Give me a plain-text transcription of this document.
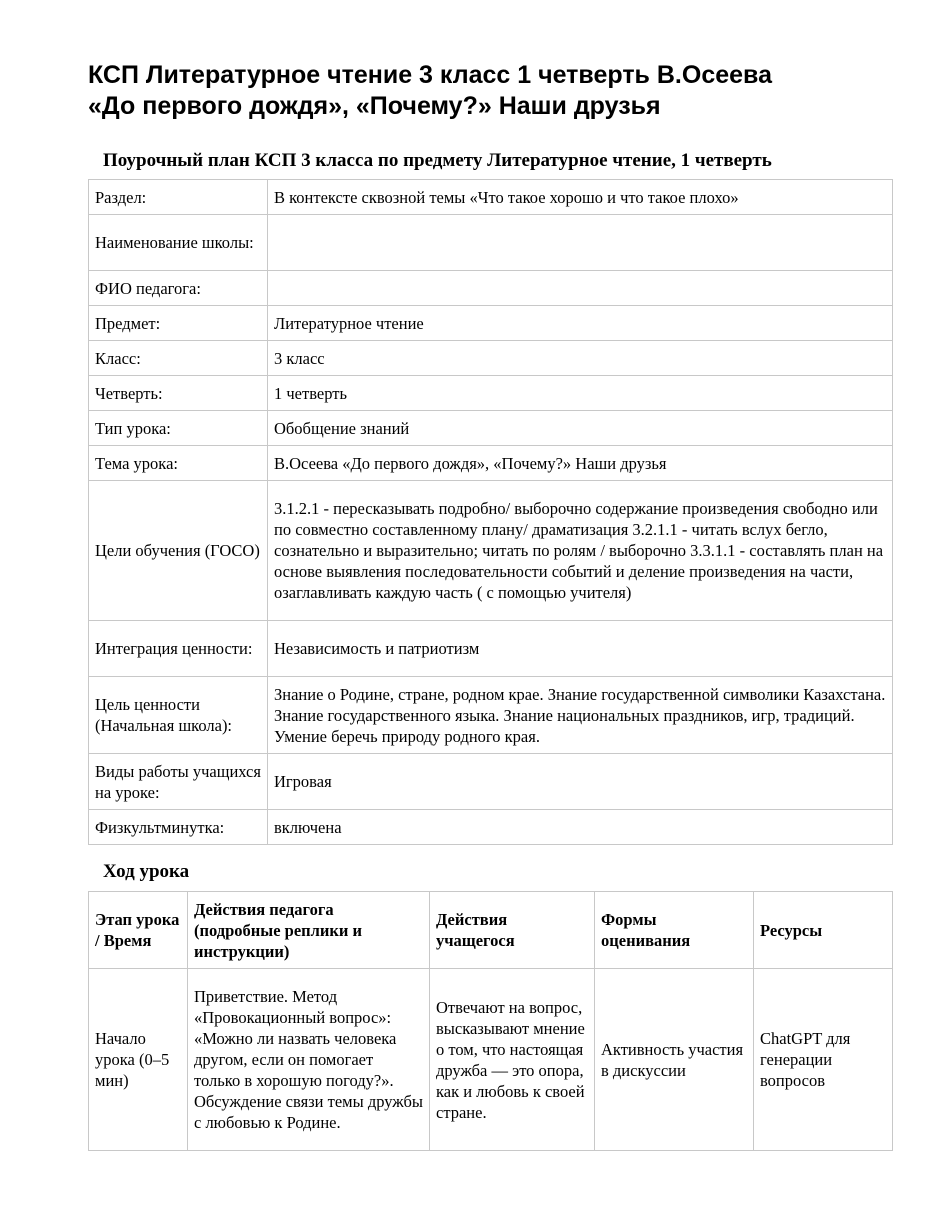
КСП Литературное чтение 3 класс 1 четверть В.Осеева
«До первого дождя», «Почему?» Наши друзья
Поурочный план КСП 3 класса по предмету Литературное чтение, 1 четверть
Раздел:	В контексте сквозной темы «Что такое хорошо и что такое плохо»
Наименование школы:	
ФИО педагога:	
Предмет:	Литературное чтение
Класс:	3 класс
Четверть:	1 четверть
Тип урока:	Обобщение знаний
Тема урока:	В.Осеева «До первого дождя», «Почему?» Наши друзья
Цели обучения (ГОСО)	3.1.2.1 - пересказывать подробно/ выборочно содержание произведения свободно или по совместно составленному плану/ драматизация 3.2.1.1 - читать вслух бегло, сознательно и выразительно; читать по ролям / выборочно 3.3.1.1 - составлять план на основе выявления последовательности событий и деление произведения на части, озаглавливать каждую часть ( с помощью учителя)
Интеграция ценности:	Независимость и патриотизм
Цель ценности (Начальная школа):	Знание о Родине, стране, родном крае. Знание государственной символики Казахстана. Знание государственного языка. Знание национальных праздников, игр, традиций. Умение беречь природу родного края.
Виды работы учащихся на уроке:	Игровая
Физкультминутка:	включена
Ход урока
Этап урока / Время	Действия педагога (подробные реплики и инструкции)	Действия учащегося	Формы оценивания	Ресурсы
Начало урока (0–5 мин)	Приветствие. Метод «Провокационный вопрос»: «Можно ли назвать человека другом, если он помогает только в хорошую погоду?». Обсуждение связи темы дружбы с любовью к Родине.	Отвечают на вопрос, высказывают мнение о том, что настоящая дружба — это опора, как и любовь к своей стране.	Активность участия в дискуссии	ChatGPT для генерации вопросов
